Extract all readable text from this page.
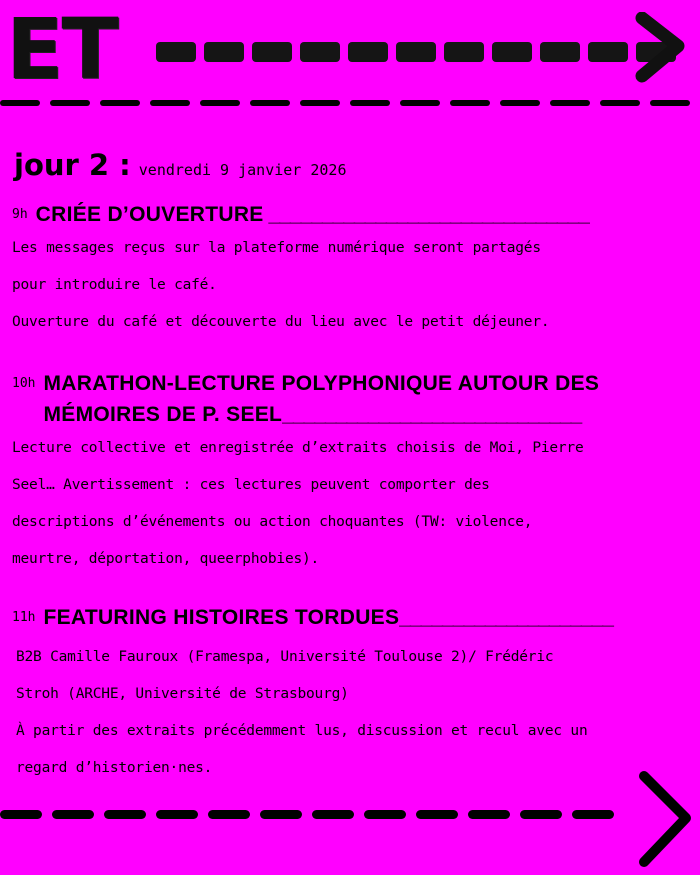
ET
jour 2 : vendredi 9 janvier 2026
9h CRIÉE D’OUVERTURE ______________________________

Les messages reçus sur la plateforme numérique seront partagés

pour introduire le café.

Ouverture du café et découverte du lieu avec le petit déjeuner.

10h MARATHON-LECTURE POLYPHONIQUE AUTOUR DES
MÉMOIRES DE P. SEEL ____________________________

Lecture collective et enregistrée d’extraits choisis de Moi, Pierre

Seel… Avertissement : ces lectures peuvent comporter des

descriptions d’événements ou action choquantes (TW: violence,

meurtre, déportation, queerphobies).

11h FEATURING HISTOIRES TORDUES ____________________

B2B Camille Fauroux (Framespa, Université Toulouse 2)/ Frédéric

Stroh (ARCHE, Université de Strasbourg)

À partir des extraits précédemment lus, discussion et recul avec un

regard d’historien·nes.
